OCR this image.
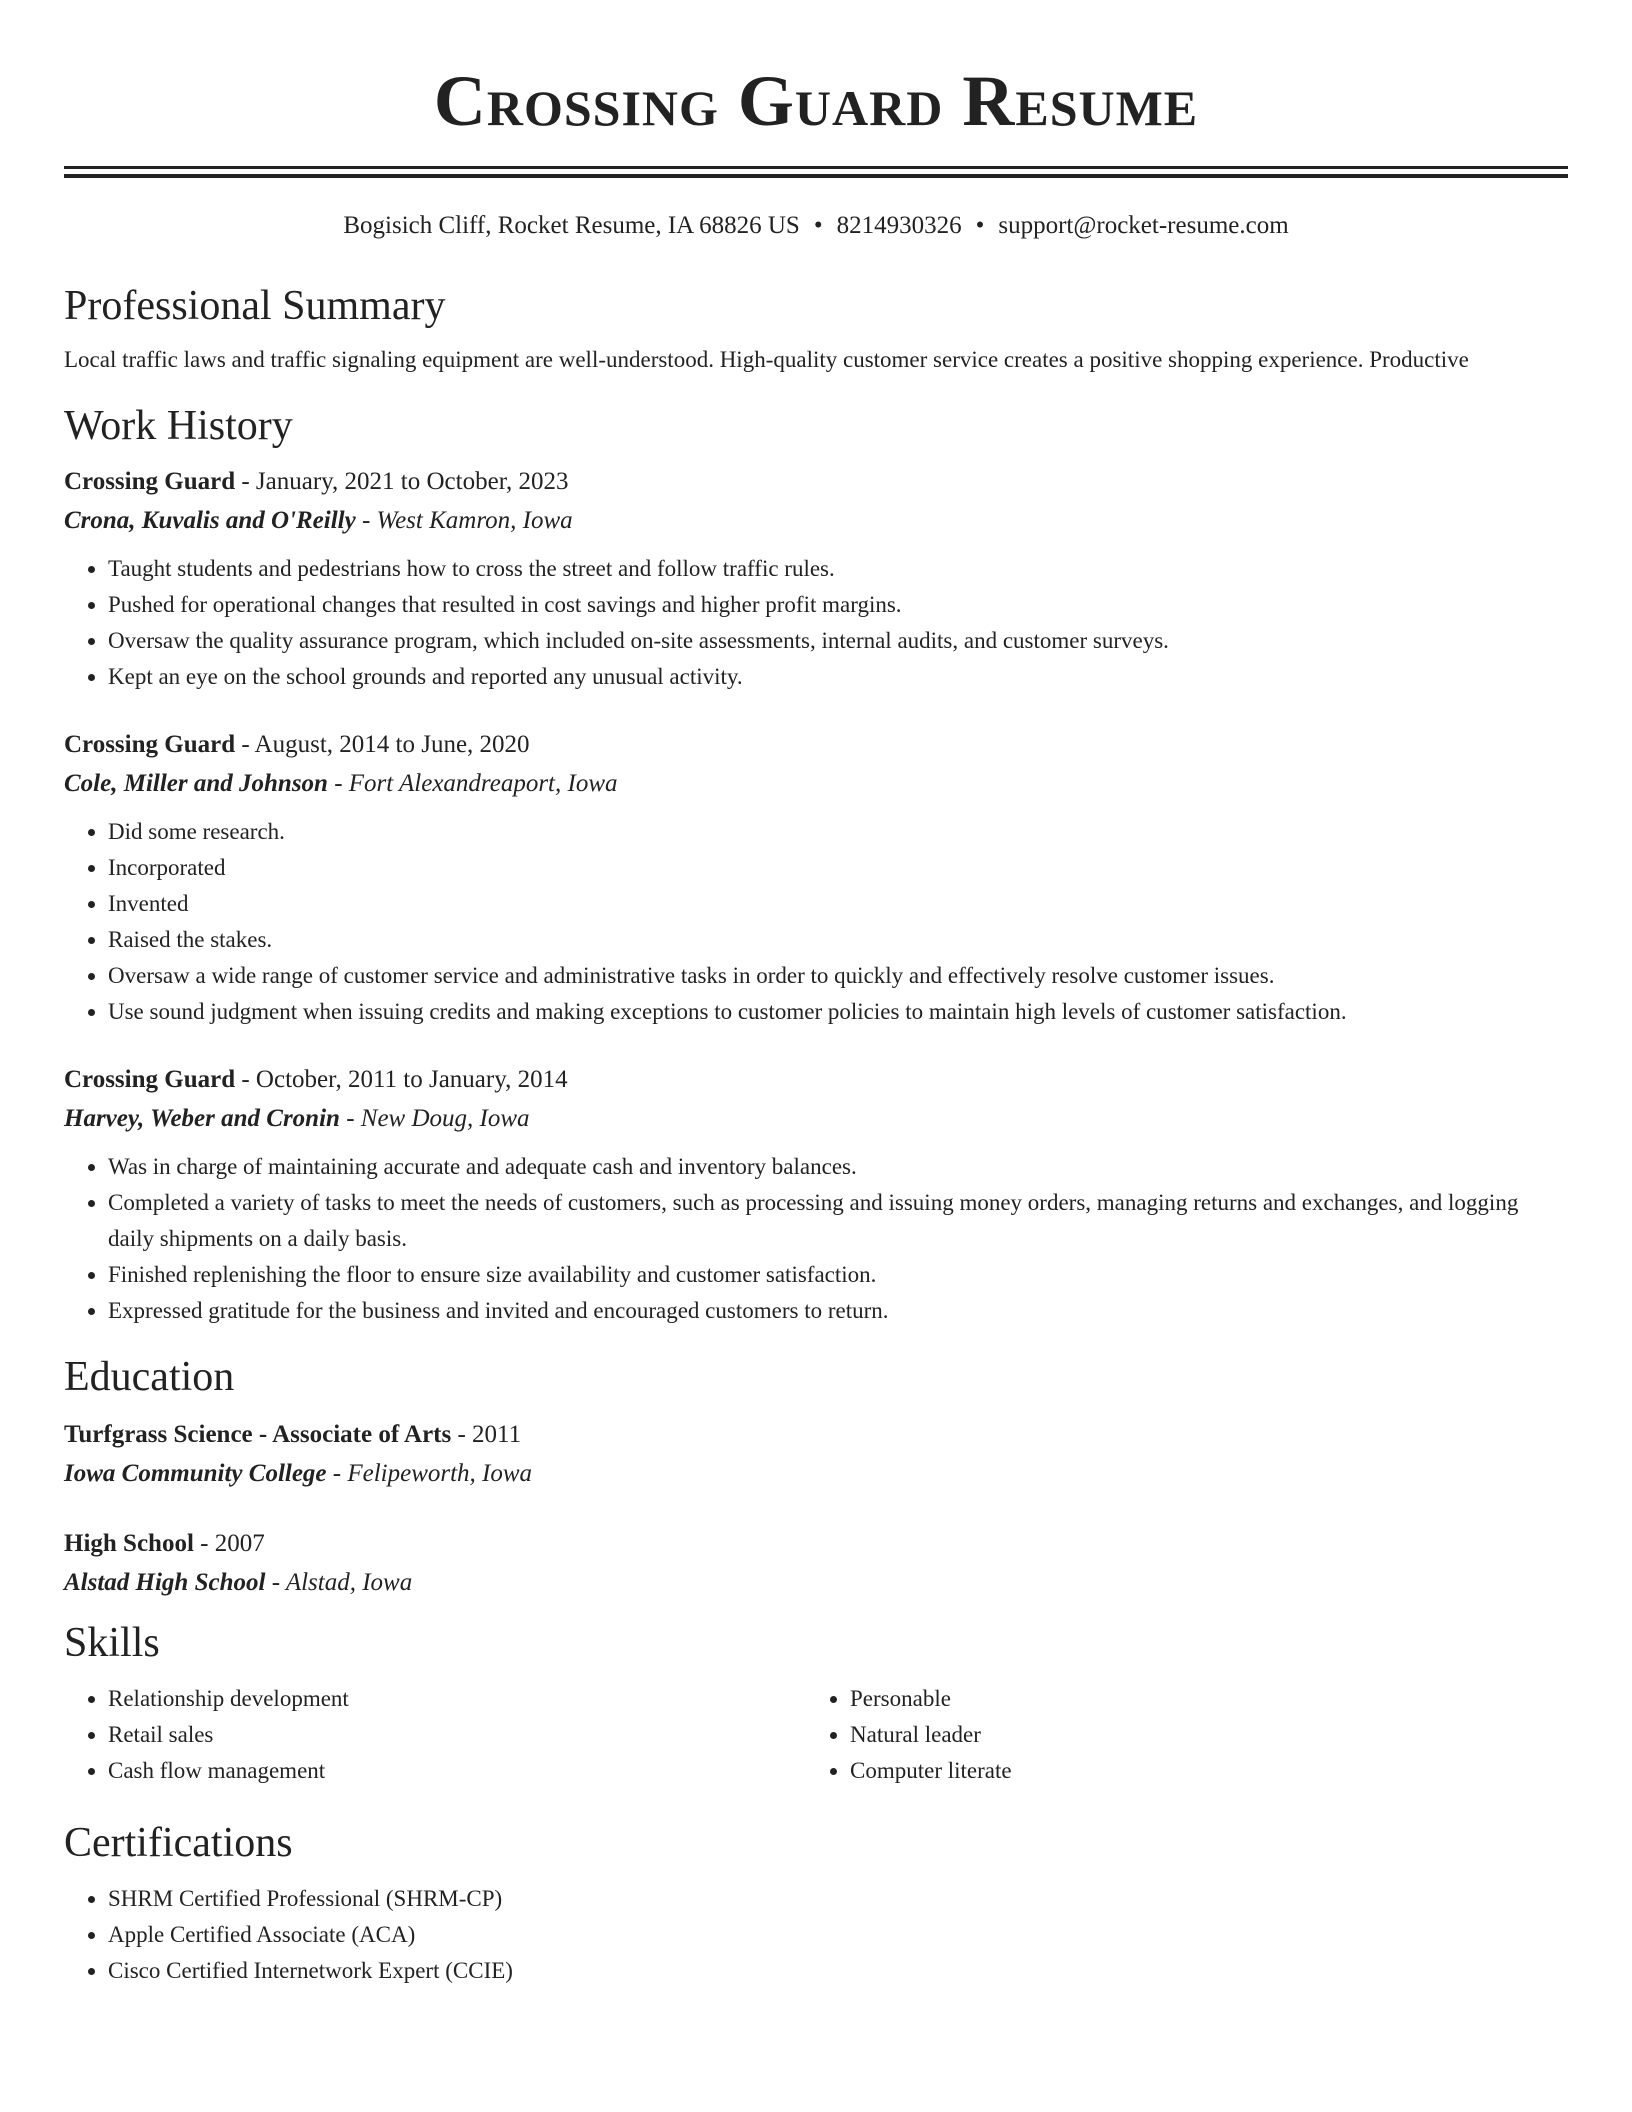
Crossing Guard Resume
Bogisich Cliff, Rocket Resume, IA 68826 US • 8214930326 • support@rocket-resume.com
Professional Summary

Local traffic laws and traffic signaling equipment are well-understood. High-quality customer service creates a positive shopping experience. Productive

Work History
Crossing Guard - January, 2021 to October, 2023
Crona, Kuvalis and O'Reilly - West Kamron, Iowa
• Taught students and pedestrians how to cross the street and follow traffic rules.
• Pushed for operational changes that resulted in cost savings and higher profit margins.
• Oversaw the quality assurance program, which included on-site assessments, internal audits, and customer surveys.
• Kept an eye on the school grounds and reported any unusual activity.
Crossing Guard - August, 2014 to June, 2020
Cole, Miller and Johnson - Fort Alexandreaport, Iowa
• Did some research.
• Incorporated
• Invented
• Raised the stakes.
• Oversaw a wide range of customer service and administrative tasks in order to quickly and effectively resolve customer issues.
• Use sound judgment when issuing credits and making exceptions to customer policies to maintain high levels of customer satisfaction.
Crossing Guard - October, 2011 to January, 2014
Harvey, Weber and Cronin - New Doug, Iowa
• Was in charge of maintaining accurate and adequate cash and inventory balances.
• Completed a variety of tasks to meet the needs of customers, such as processing and issuing money orders, managing returns and exchanges, and logging daily shipments on a daily basis.
• Finished replenishing the floor to ensure size availability and customer satisfaction.
• Expressed gratitude for the business and invited and encouraged customers to return.
Education
Turfgrass Science - Associate of Arts - 2011
Iowa Community College - Felipeworth, Iowa
High School - 2007
Alstad High School - Alstad, Iowa
Skills
• Relationship development
• Retail sales
• Cash flow management
• Personable
• Natural leader
• Computer literate
Certifications
• SHRM Certified Professional (SHRM-CP)
• Apple Certified Associate (ACA)
• Cisco Certified Internetwork Expert (CCIE)
